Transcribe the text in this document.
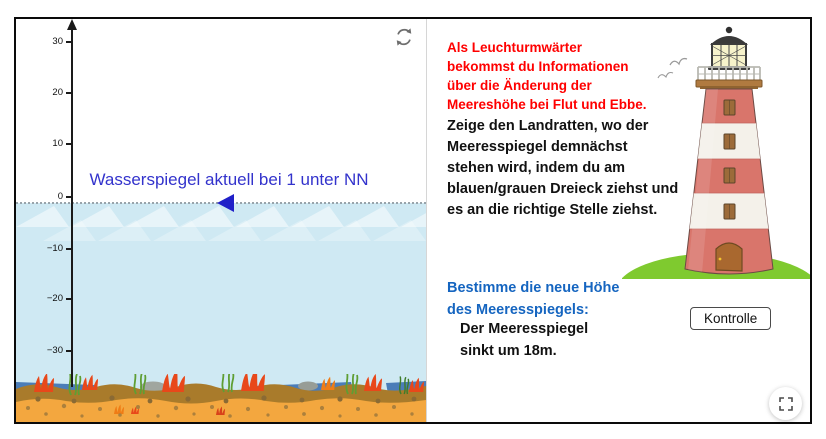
30
20
10
0
−10
−20
−30
Wasserspiegel aktuell bei 1 unter NN
Als Leuchturmwärter
bekommst du Informationen
über die Änderung der
Meereshöhe bei Flut und Ebbe.
Zeige den Landratten, wo der
Meeresspiegel demnächst
stehen wird, indem du am
blauen/grauen Dreieck ziehst und
es an die richtige Stelle ziehst.
Bestimme die neue Höhe
des Meeresspiegels:
Der Meeresspiegel
sinkt um 18m.
Kontrolle
